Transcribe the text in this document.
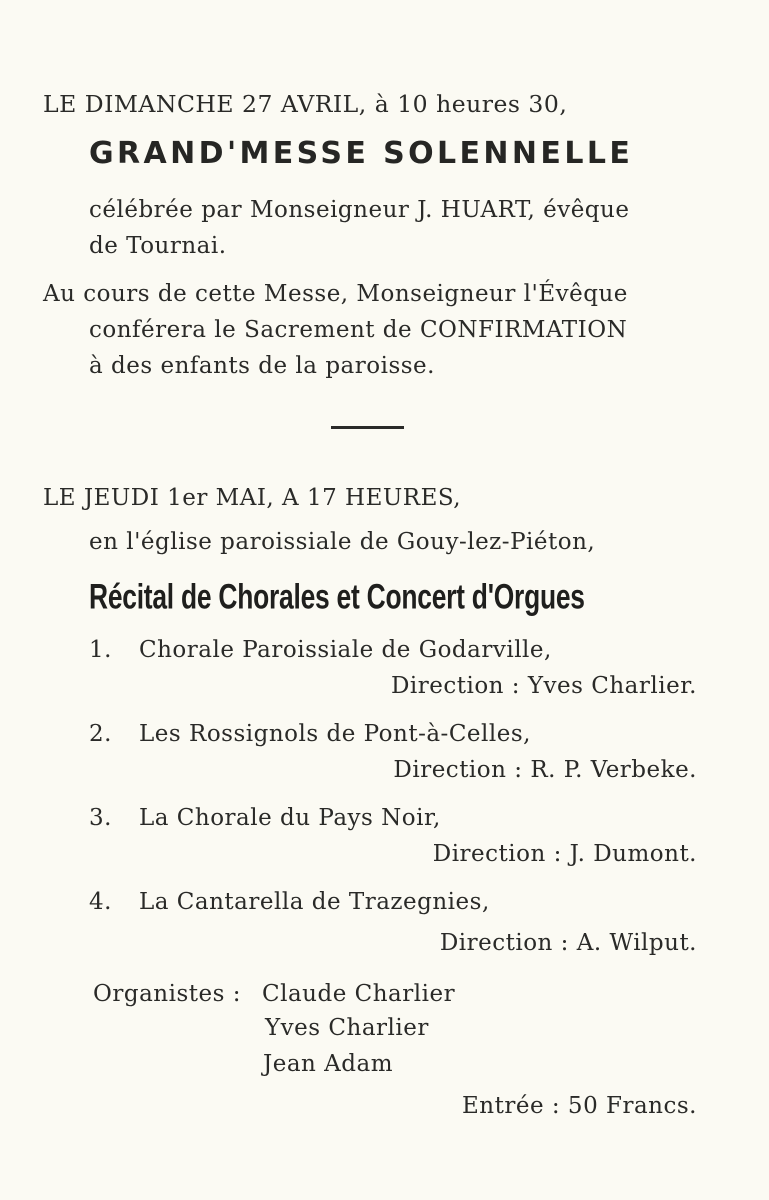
LE DIMANCHE 27 AVRIL, à 10 heures 30,
GRAND'MESSE SOLENNELLE
célébrée par Monseigneur J. HUART, évêque
de Tournai.
Au cours de cette Messe, Monseigneur l'Évêque
conférera le Sacrement de CONFIRMATION
à des enfants de la paroisse.
LE JEUDI 1er MAI, A 17 HEURES,
en l'église paroissiale de Gouy-lez-Piéton,
Récital de Chorales et Concert d'Orgues
1. Chorale Paroissiale de Godarville,
Direction : Yves Charlier.
2. Les Rossignols de Pont-à-Celles,
Direction : R. P. Verbeke.
3. La Chorale du Pays Noir,
Direction : J. Dumont.
4. La Cantarella de Trazegnies,
Direction : A. Wilput.
Organistes : Claude Charlier
Yves Charlier
Jean Adam
Entrée : 50 Francs.
